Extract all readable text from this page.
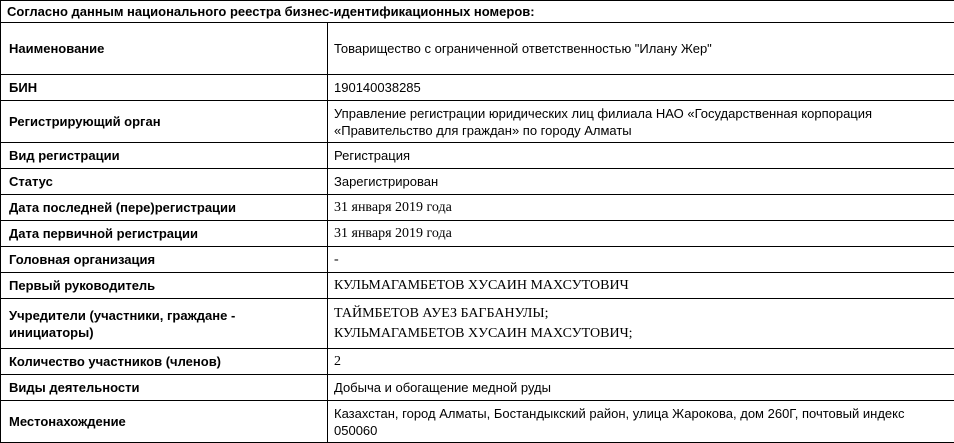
Согласно данным национального реестра бизнес-идентификационных номеров:	
Наименование	Товарищество с ограниченной ответственностью "Илану Жер"
БИН	190140038285
Регистрирующий орган	Управление регистрации юридических лиц филиала НАО «Государственная корпорация «Правительство для граждан» по городу Алматы
Вид регистрации	Регистрация
Статус	Зарегистрирован
Дата последней (пере)регистрации	31 января 2019 года
Дата первичной регистрации	31 января 2019 года
Головная организация	-
Первый руководитель	КУЛЬМАГАМБЕТОВ ХУСАИН МАХСУТОВИЧ
Учредители (участники, граждане - инициаторы)	ТАЙМБЕТОВ АУЕЗ БАГБАНУЛЫ;
КУЛЬМАГАМБЕТОВ ХУСАИН МАХСУТОВИЧ;

Количество участников (членов)	2
Виды деятельности	Добыча и обогащение медной руды
Местонахождение	Казахстан, город Алматы, Бостандыкский район, улица Жарокова, дом 260Г, почтовый индекс 050060
